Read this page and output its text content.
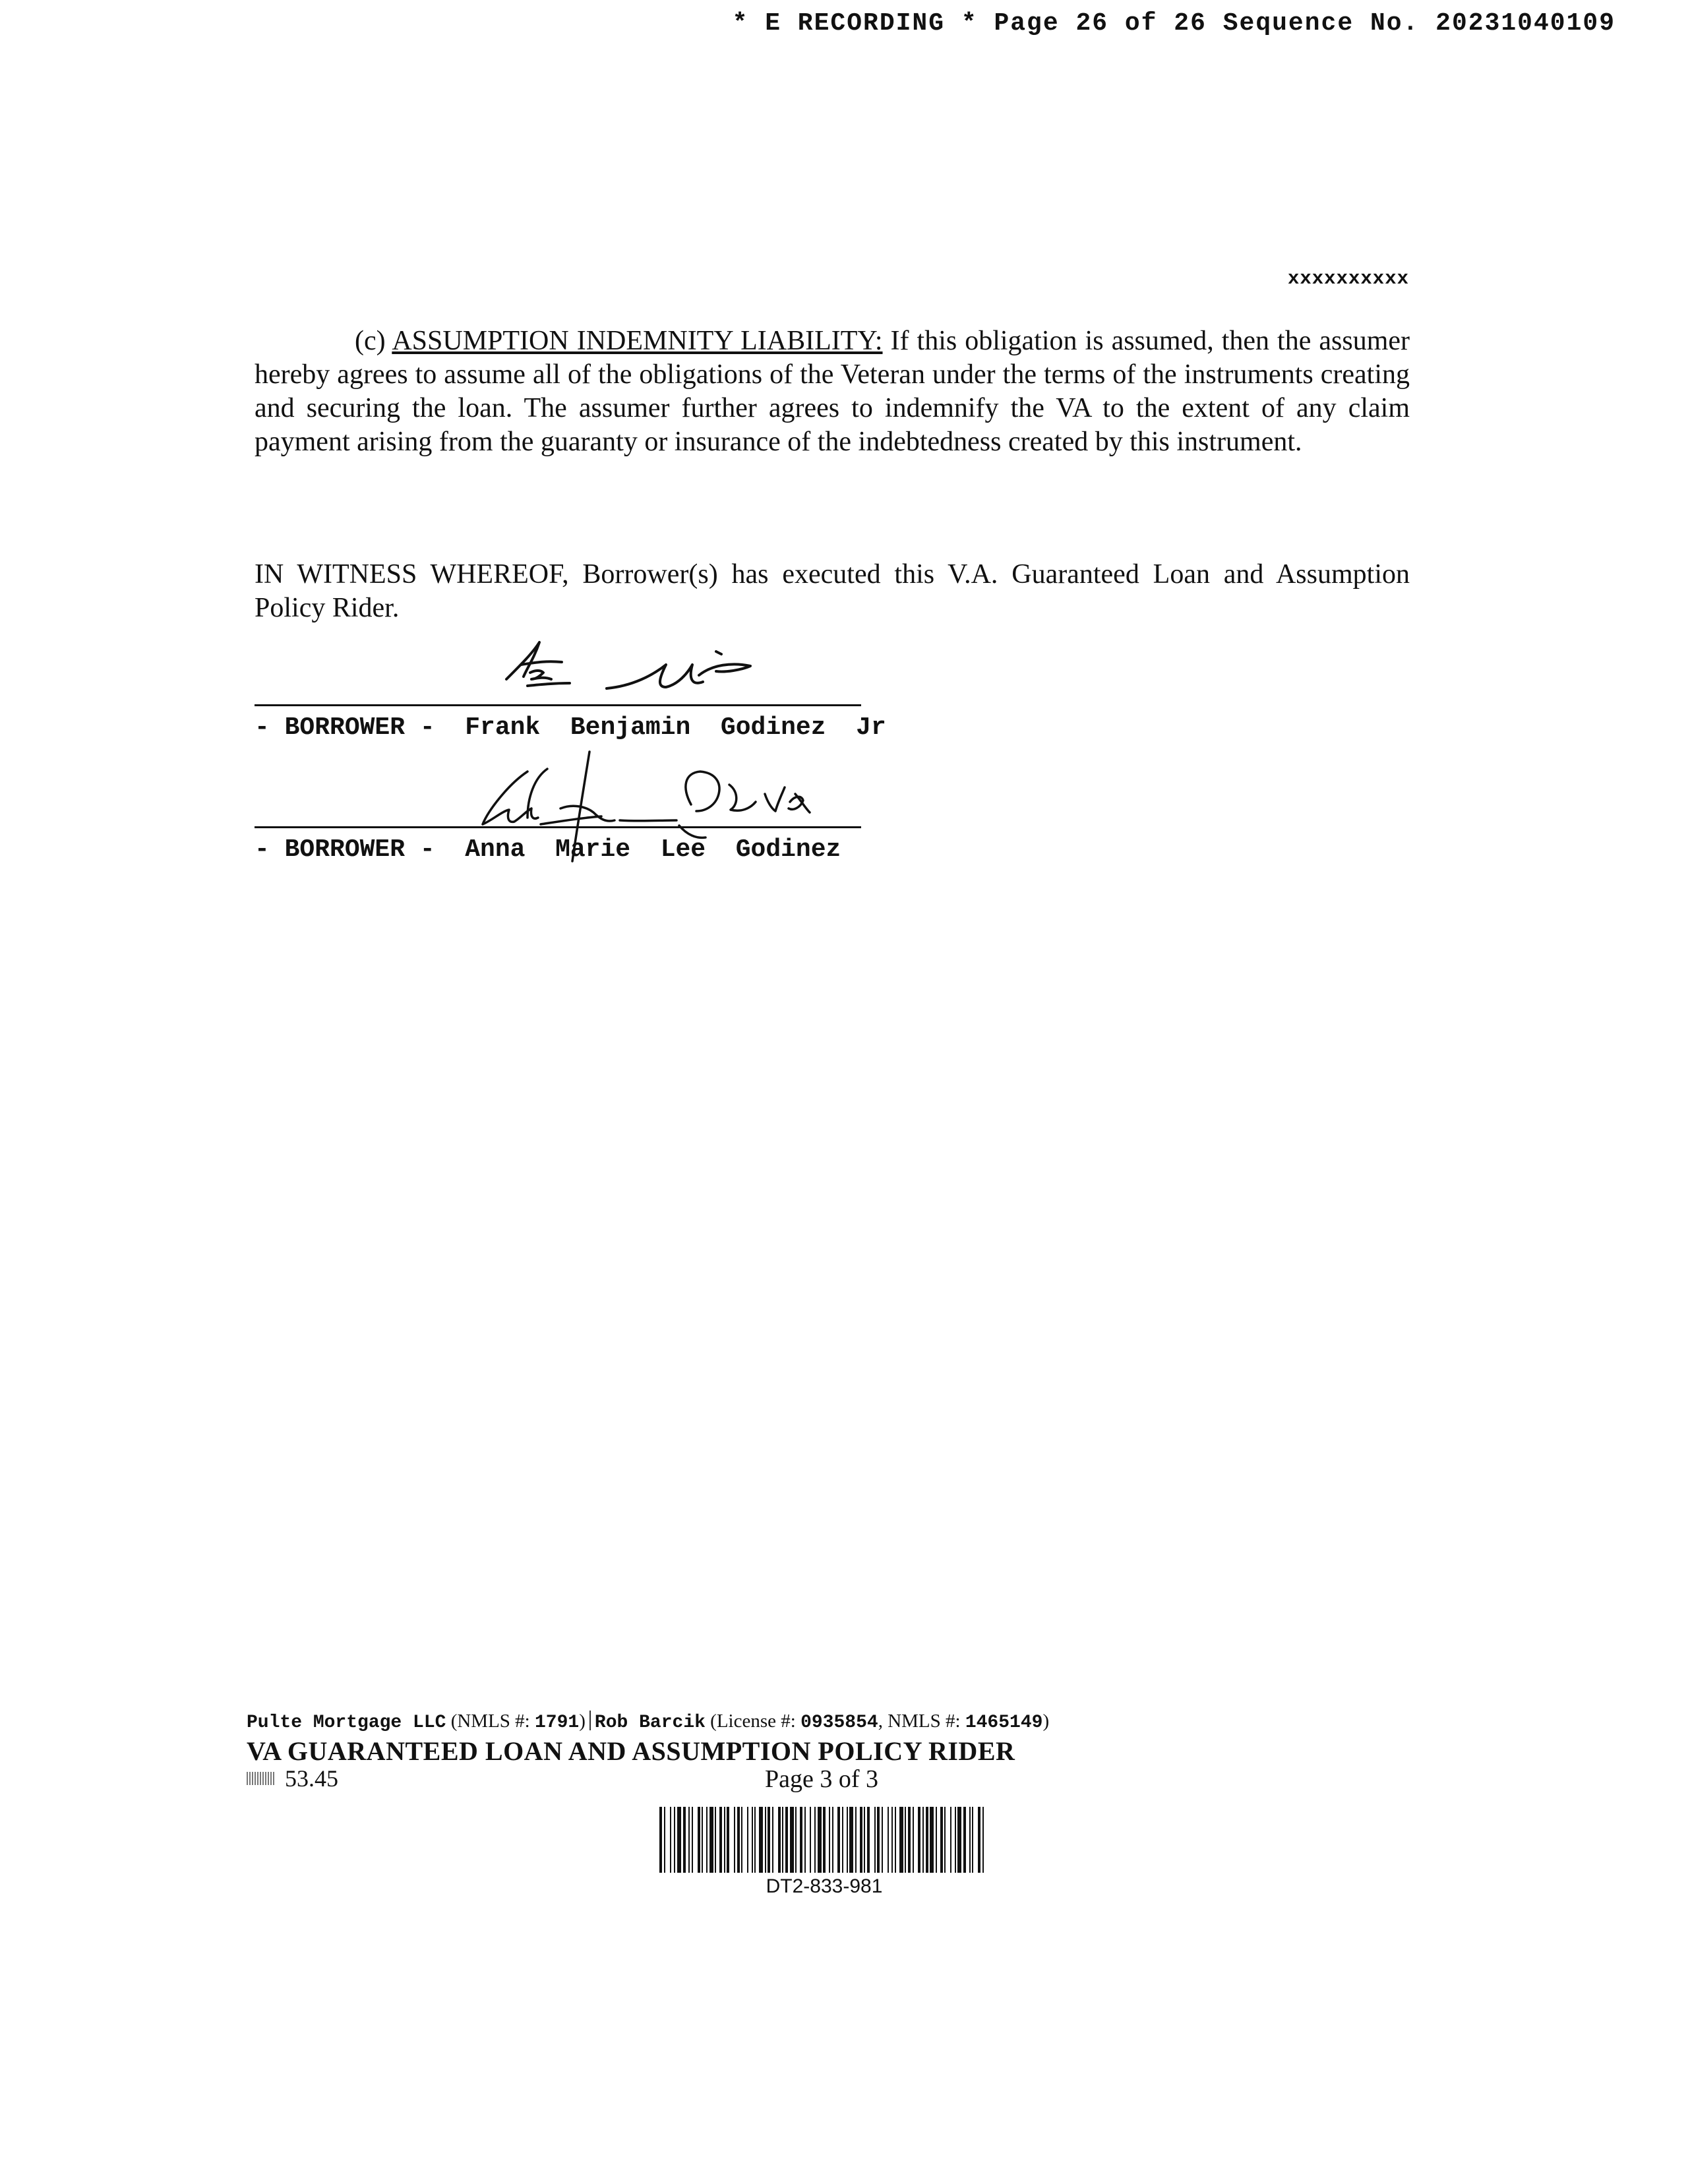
* E RECORDING * Page 26 of 26 Sequence No. 20231040109
xxxxxxxxxx
(c) ASSUMPTION INDEMNITY LIABILITY: If this obligation is assumed, then the assumer hereby agrees to assume all of the obligations of the Veteran under the terms of the instruments creating and securing the loan. The assumer further agrees to indemnify the VA to the extent of any claim payment arising from the guaranty or insurance of the indebtedness created by this instrument.
IN WITNESS WHEREOF, Borrower(s) has executed this V.A. Guaranteed Loan and Assumption Policy Rider.
- BORROWER -  Frank  Benjamin  Godinez  Jr
- BORROWER -  Anna  Marie  Lee  Godinez
Pulte Mortgage LLC (NMLS #: 1791) Rob Barcik (License #: 0935854, NMLS #: 1465149)
VA GUARANTEED LOAN AND ASSUMPTION POLICY RIDER
53.45	Page 3 of 3
DT2-833-981
